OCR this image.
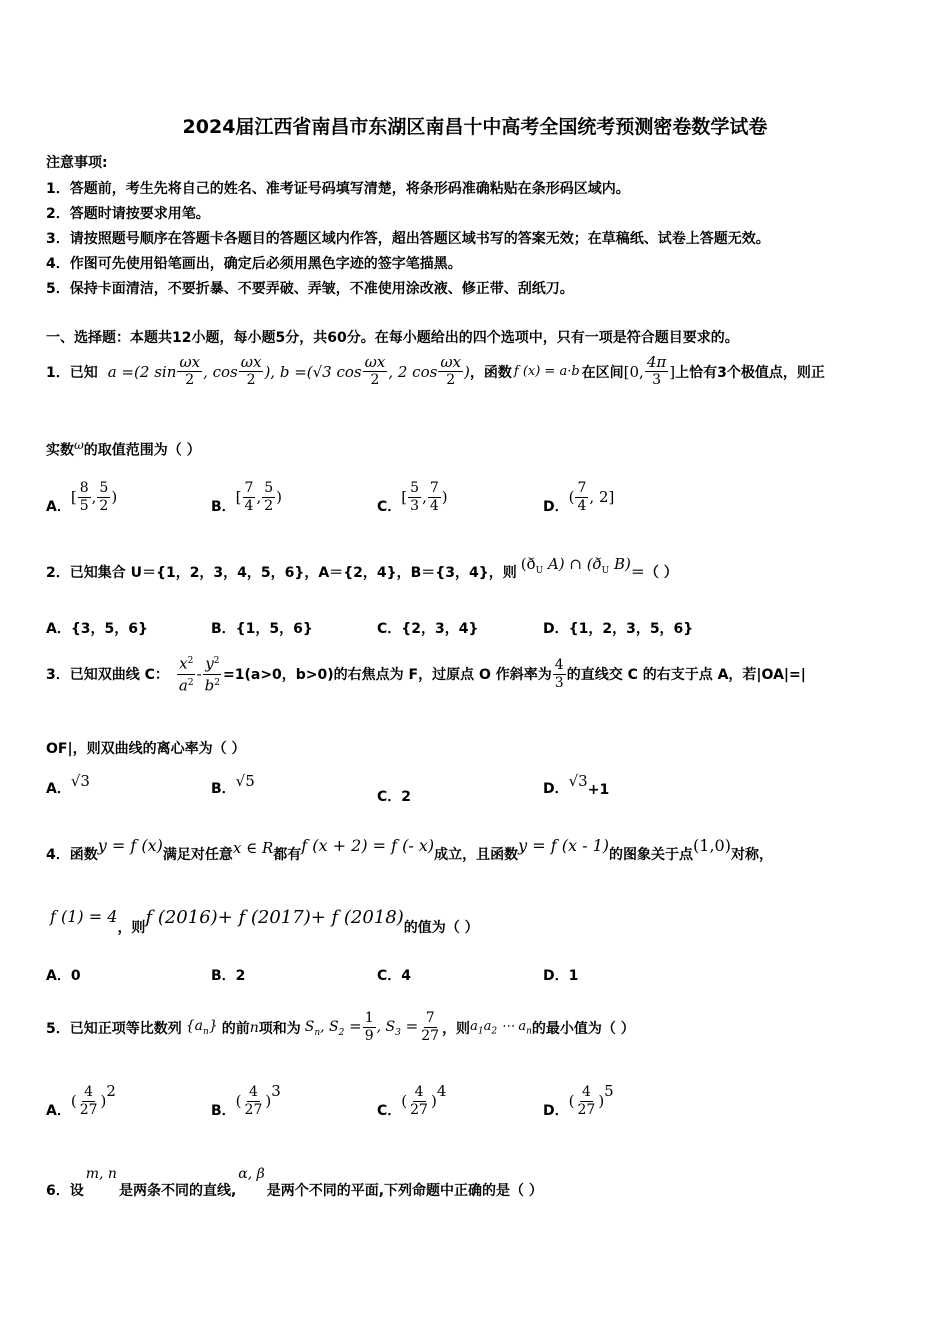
2024届江西省南昌市东湖区南昌十中高考全国统考预测密卷数学试卷
注意事项:
1．答题前，考生先将自己的姓名、准考证号码填写清楚，将条形码准确粘贴在条形码区域内。
2．答题时请按要求用笔。
3．请按照题号顺序在答题卡各题目的答题区域内作答，超出答题区域书写的答案无效；在草稿纸、试卷上答题无效。
4．作图可先使用铅笔画出，确定后必须用黑色字迹的签字笔描黑。
5．保持卡面清洁，不要折暴、不要弄破、弄皱，不准使用涂改液、修正带、刮纸刀。
一、选择题：本题共12小题，每小题5分，共60分。在每小题给出的四个选项中，只有一项是符合题目要求的。
1．已知 a =(2 $\sin \frac{\omega x}{2}$ , $\cos \frac{\omega x}{2}$ ), b =(√3 $\cos \frac{\omega x}{2}$ , 2 $\cos \frac{\omega x}{2}$ ) ，函数 f (x) = a·b 在区间 [0, $\frac{4\pi}{3}$ ] 上恰有3个极值点，则正
实数ω的取值范围为（ ）
A．
[ $\frac{8}{5}$ , $\frac{5}{2}$ )
B．
[ $\frac{7}{4}$ , $\frac{5}{2}$ )
C．
[ $\frac{5}{3}$ , $\frac{7}{4}$ )
D．
( $\frac{7}{4}$ , 2]
2．已知集合 U＝{1，2，3，4，5，6}，A＝{2，4}，B＝{3，4}，则
($ð_U$ A) ∩ ($ð_U$ B)
＝（ ）
A．{3，5，6}	B．{1，5，6}	C．{2，3，4}	D．{1，2，3，5，6}
3．已知双曲线 C： $\frac{x^2}{a^2} - \frac{y^2}{b^2} =1(a>0$，b>0)的右焦点为 F，过原点 O 作斜率为 $\frac{4}{3}$ 的直线交 C 的右支于点 A，若|OA|=|
OF|，则双曲线的离心率为（ ）
A． √3	B． √5
C．2	D． √3 +1
4．函数 y = f (x) 满足对任意 x ∈ R 都有 f (x + 2) = f (- x) 成立，且函数 y = f (x - 1) 的图象关于点 (1,0) 对称，
f (1) = 4
，则 f (2016)+ f (2017)+ f (2018) 的值为（ ）
A．0	B．2	C．4	D．1
5．已知正项等比数列 $\{a_n\}$ 的前 n 项和为 $S_n$, $S_2 = \frac{1}{9}$ , $S_3 = \frac{7}{27}$ ，则 $a_1a_2$ ⋯ $a_n$ 的最小值为（ ）
A．
( $\frac{4}{27}$ )
2
B．
( $\frac{4}{27}$ )
3
C．
( $\frac{4}{27}$ )
4
D．
( $\frac{4}{27}$ )
5
6．设
m, n
是两条不同的直线,
α, β
是两个不同的平面,下列命题中正确的是（ ）
